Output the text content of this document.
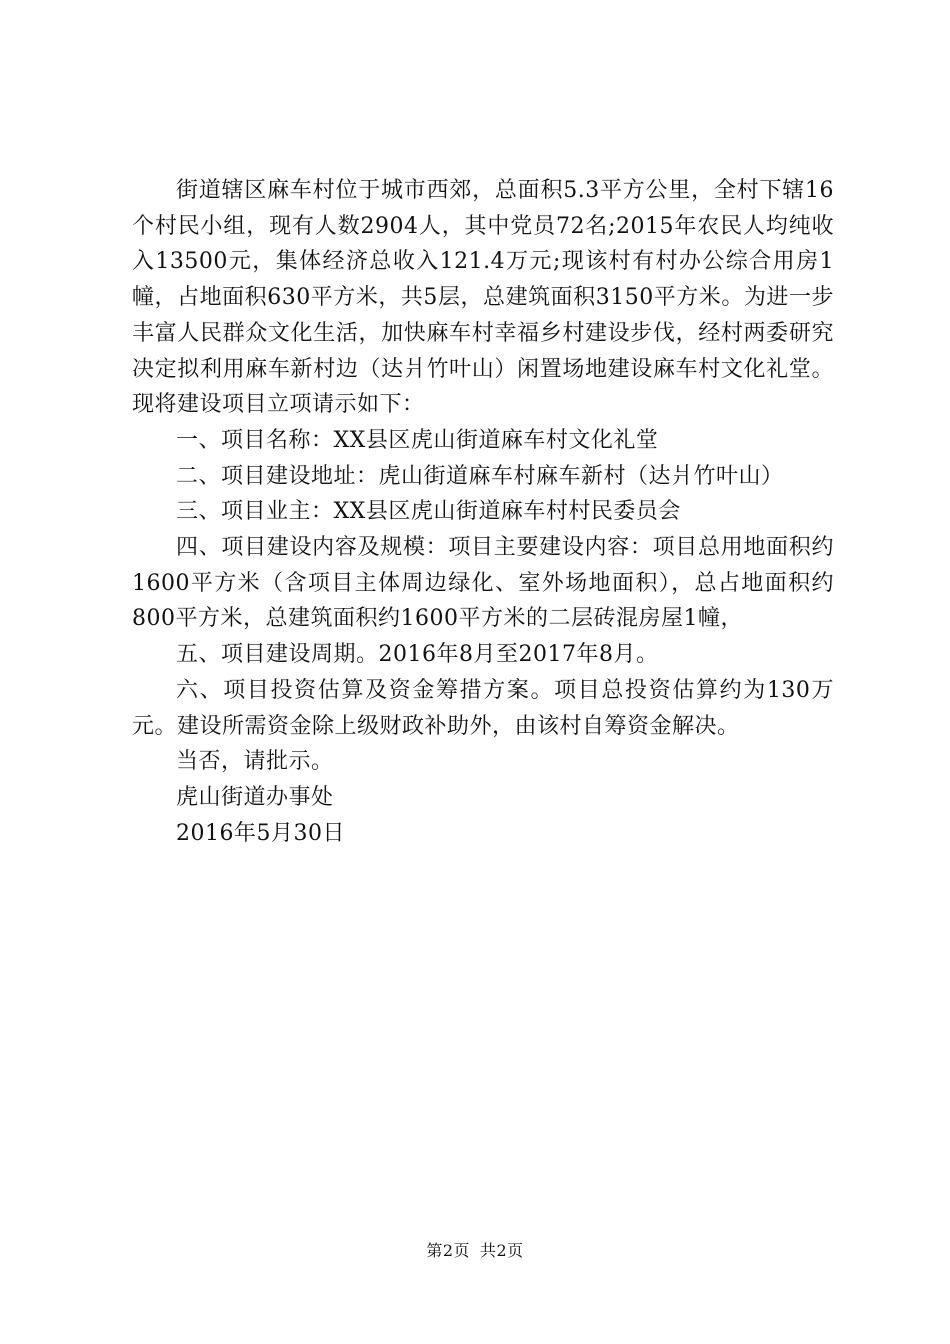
街道辖区麻车村位于城市西郊，总面积5.3平方公里，全村下辖16个村民小组，现有人数2904人，其中党员72名;2015年农民人均纯收入13500元，集体经济总收入121.4万元;现该村有村办公综合用房1幢，占地面积630平方米，共5层，总建筑面积3150平方米。为进一步丰富人民群众文化生活，加快麻车村幸福乡村建设步伐，经村两委研究决定拟利用麻车新村边（达爿竹叶山）闲置场地建设麻车村文化礼堂。现将建设项目立项请示如下：

一、项目名称：XX县区虎山街道麻车村文化礼堂

二、项目建设地址：虎山街道麻车村麻车新村（达爿竹叶山）

三、项目业主：XX县区虎山街道麻车村村民委员会

四、项目建设内容及规模：项目主要建设内容：项目总用地面积约1600平方米（含项目主体周边绿化、室外场地面积），总占地面积约800平方米，总建筑面积约1600平方米的二层砖混房屋1幢，

五、项目建设周期。2016年8月至2017年8月。

六、项目投资估算及资金筹措方案。项目总投资估算约为130万元。建设所需资金除上级财政补助外，由该村自筹资金解决。

当否，请批示。

虎山街道办事处

2016年5月30日

第2页 共2页
